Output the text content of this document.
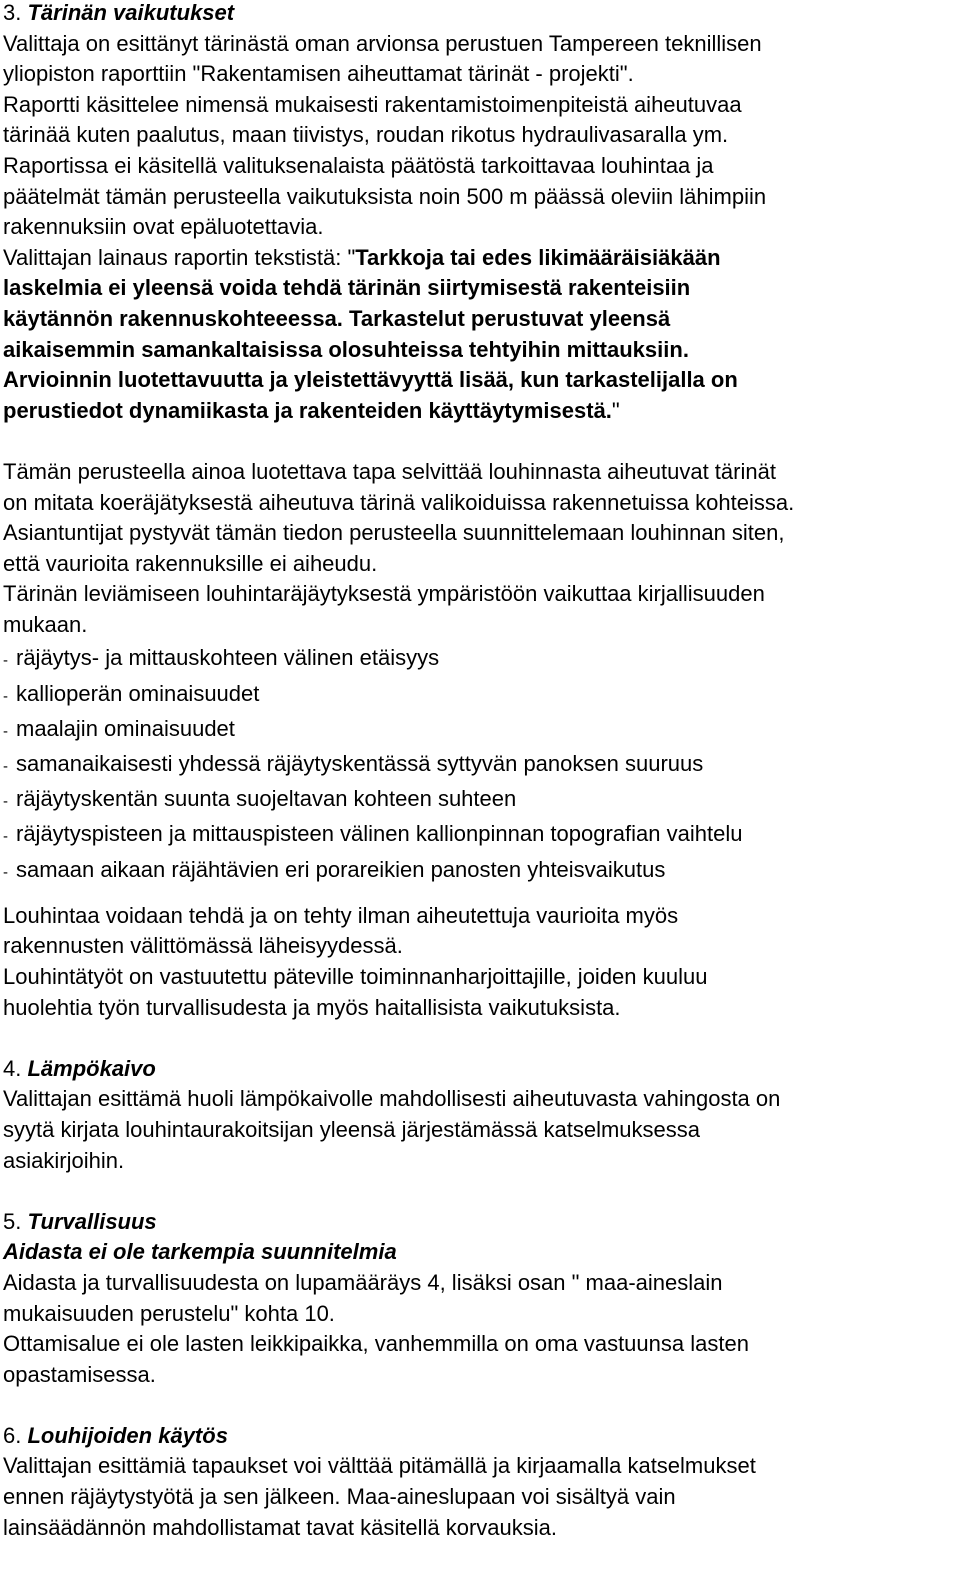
3. Tärinän vaikutukset
Valittaja on esittänyt tärinästä oman arvionsa perustuen Tampereen teknillisen
yliopiston raporttiin "Rakentamisen aiheuttamat tärinät - projekti".
Raportti käsittelee nimensä mukaisesti rakentamistoimenpiteistä aiheutuvaa
tärinää kuten paalutus, maan tiivistys, roudan rikotus hydraulivasaralla ym.
Raportissa ei käsitellä valituksenalaista päätöstä tarkoittavaa louhintaa ja
päätelmät tämän perusteella vaikutuksista noin 500 m päässä oleviin lähimpiin
rakennuksiin ovat epäluotettavia.
Valittajan lainaus raportin tekstistä: "Tarkkoja tai edes likimääräisiäkään
laskelmia ei yleensä voida tehdä tärinän siirtymisestä rakenteisiin
käytännön rakennuskohteeessa. Tarkastelut perustuvat yleensä
aikaisemmin samankaltaisissa olosuhteissa tehtyihin mittauksiin.
Arvioinnin luotettavuutta ja yleistettävyyttä lisää, kun tarkastelijalla on
perustiedot dynamiikasta ja rakenteiden käyttäytymisestä."
Tämän perusteella ainoa luotettava tapa selvittää louhinnasta aiheutuvat tärinät
on mitata koeräjätyksestä aiheutuva tärinä valikoiduissa rakennetuissa kohteissa.
Asiantuntijat pystyvät tämän tiedon perusteella suunnittelemaan louhinnan siten,
että vaurioita rakennuksille ei aiheudu.
Tärinän leviämiseen louhintaräjäytyksestä ympäristöön vaikuttaa kirjallisuuden
mukaan.
- räjäytys- ja mittauskohteen välinen etäisyys
- kallioperän ominaisuudet
- maalajin ominaisuudet
- samanaikaisesti yhdessä räjäytyskentässä syttyvän panoksen suuruus
- räjäytyskentän suunta suojeltavan kohteen suhteen
- räjäytyspisteen ja mittauspisteen välinen kallionpinnan topografian vaihtelu
- samaan aikaan räjähtävien eri porareikien panosten yhteisvaikutus
Louhintaa voidaan tehdä ja on tehty ilman aiheutettuja vaurioita myös
rakennusten välittömässä läheisyydessä.
Louhintätyöt on vastuutettu päteville toiminnanharjoittajille, joiden kuuluu
huolehtia työn turvallisudesta ja myös haitallisista vaikutuksista.
4. Lämpökaivo
Valittajan esittämä huoli lämpökaivolle mahdollisesti aiheutuvasta vahingosta on
syytä kirjata louhintaurakoitsijan yleensä järjestämässä katselmuksessa
asiakirjoihin.
5. Turvallisuus
Aidasta ei ole tarkempia suunnitelmia
Aidasta ja turvallisuudesta on lupamääräys 4, lisäksi osan " maa-aineslain
mukaisuuden perustelu" kohta 10.
Ottamisalue ei ole lasten leikkipaikka, vanhemmilla on oma vastuunsa lasten
opastamisessa.
6. Louhijoiden käytös
Valittajan esittämiä tapaukset voi välttää pitämällä ja kirjaamalla katselmukset
ennen räjäytystyötä ja sen jälkeen. Maa-aineslupaan voi sisältyä vain
lainsäädännön mahdollistamat tavat käsitellä korvauksia.
